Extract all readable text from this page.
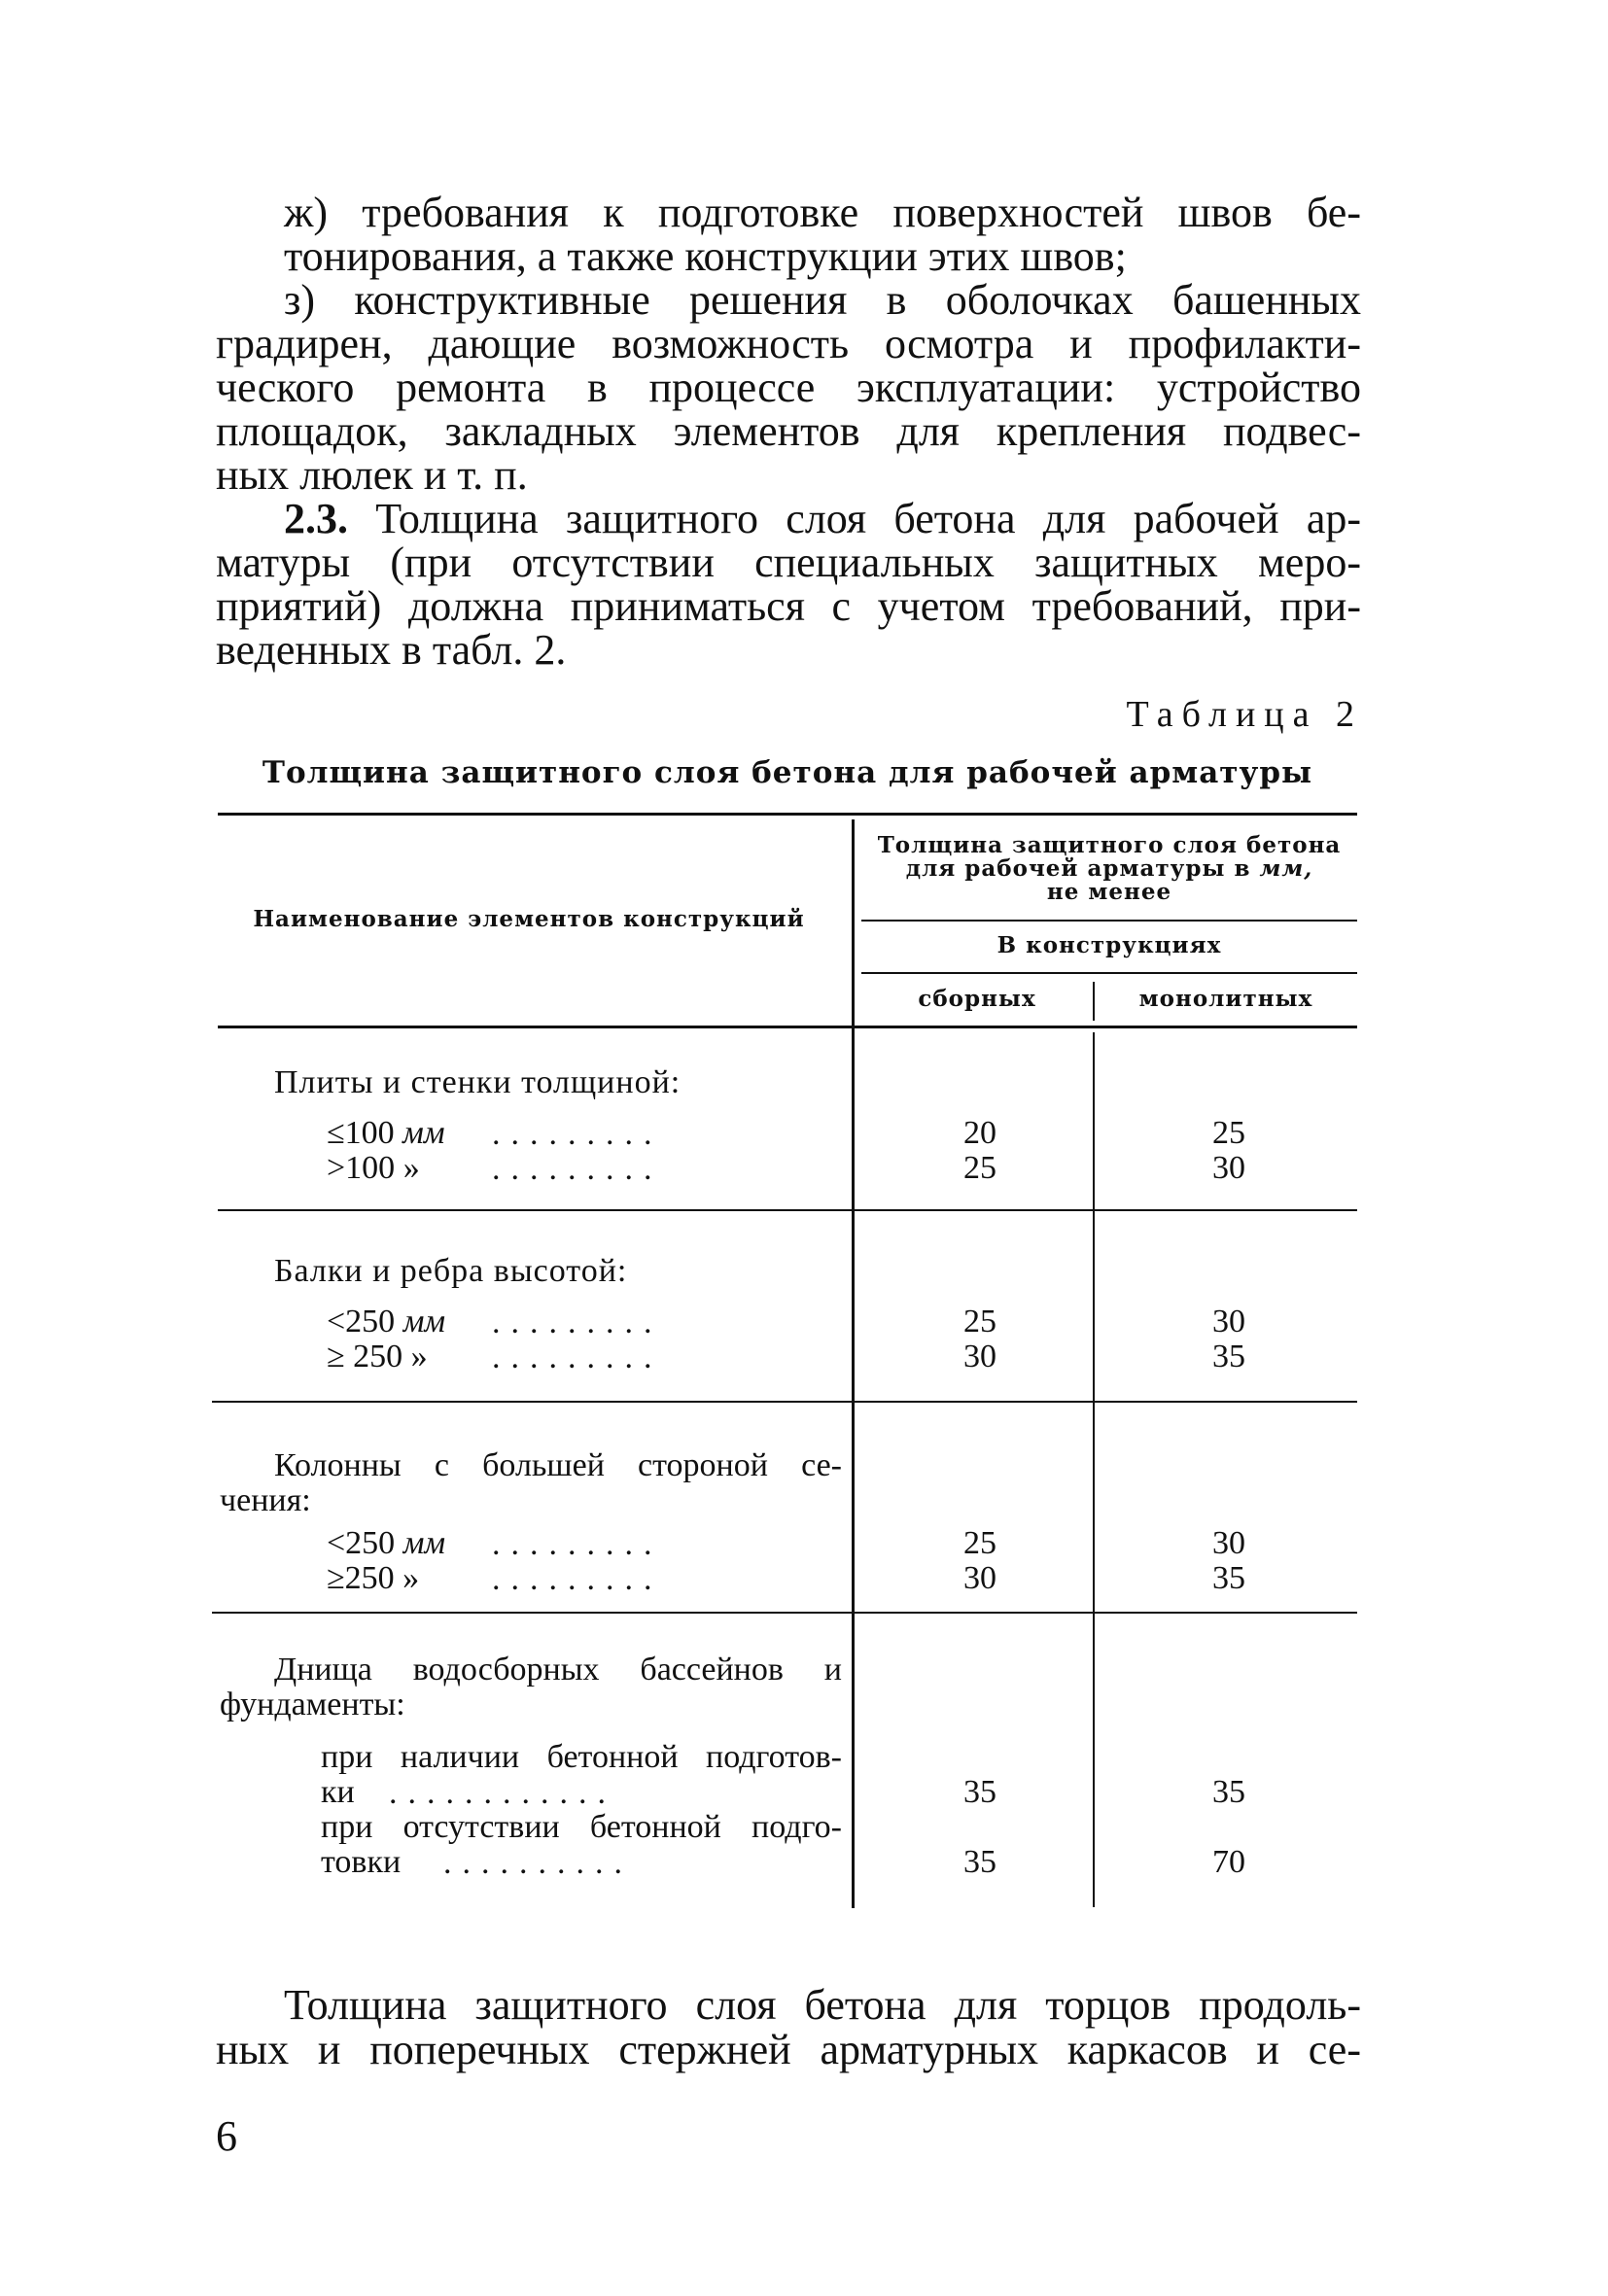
ж) требования к подготовке поверхностей швов бе-
тонирования, а также конструкции этих швов;
з) конструктивные решения в оболочках башенных
градирен, дающие возможность осмотра и профилакти-
ческого ремонта в процессе эксплуатации: устройство
площадок, закладных элементов для крепления подвес-
ных люлек и т. п.
2.3. Толщина защитного слоя бетона для рабочей ар-
матуры (при отсутствии специальных защитных меро-
приятий) должна приниматься с учетом требований, при-
веденных в табл. 2.
Таблица 2
Толщина защитного слоя бетона для рабочей арматуры
Наименование элементов конструкций
Толщина защитного слоя бетона
для рабочей арматуры в мм,
не менее
В конструкциях
сборных	монолитных
Плиты и стенки толщиной:
≤100 мм .........	20	25
>100 » .........	25	30
Балки и ребра высотой:
<250 мм .........	25	30
≥ 250 » .........	30	35
Колонны с большей стороной се-
чения:
<250 мм .........	25	30
≥250 » .........	30	35
Днища водосборных бассейнов и
фундаменты:
при наличии бетонной подготов-
ки ............	35	35
при отсутствии бетонной подго-
товки ..........	35	70
Толщина защитного слоя бетона для торцов продоль-
ных и поперечных стержней арматурных каркасов и се-
6
